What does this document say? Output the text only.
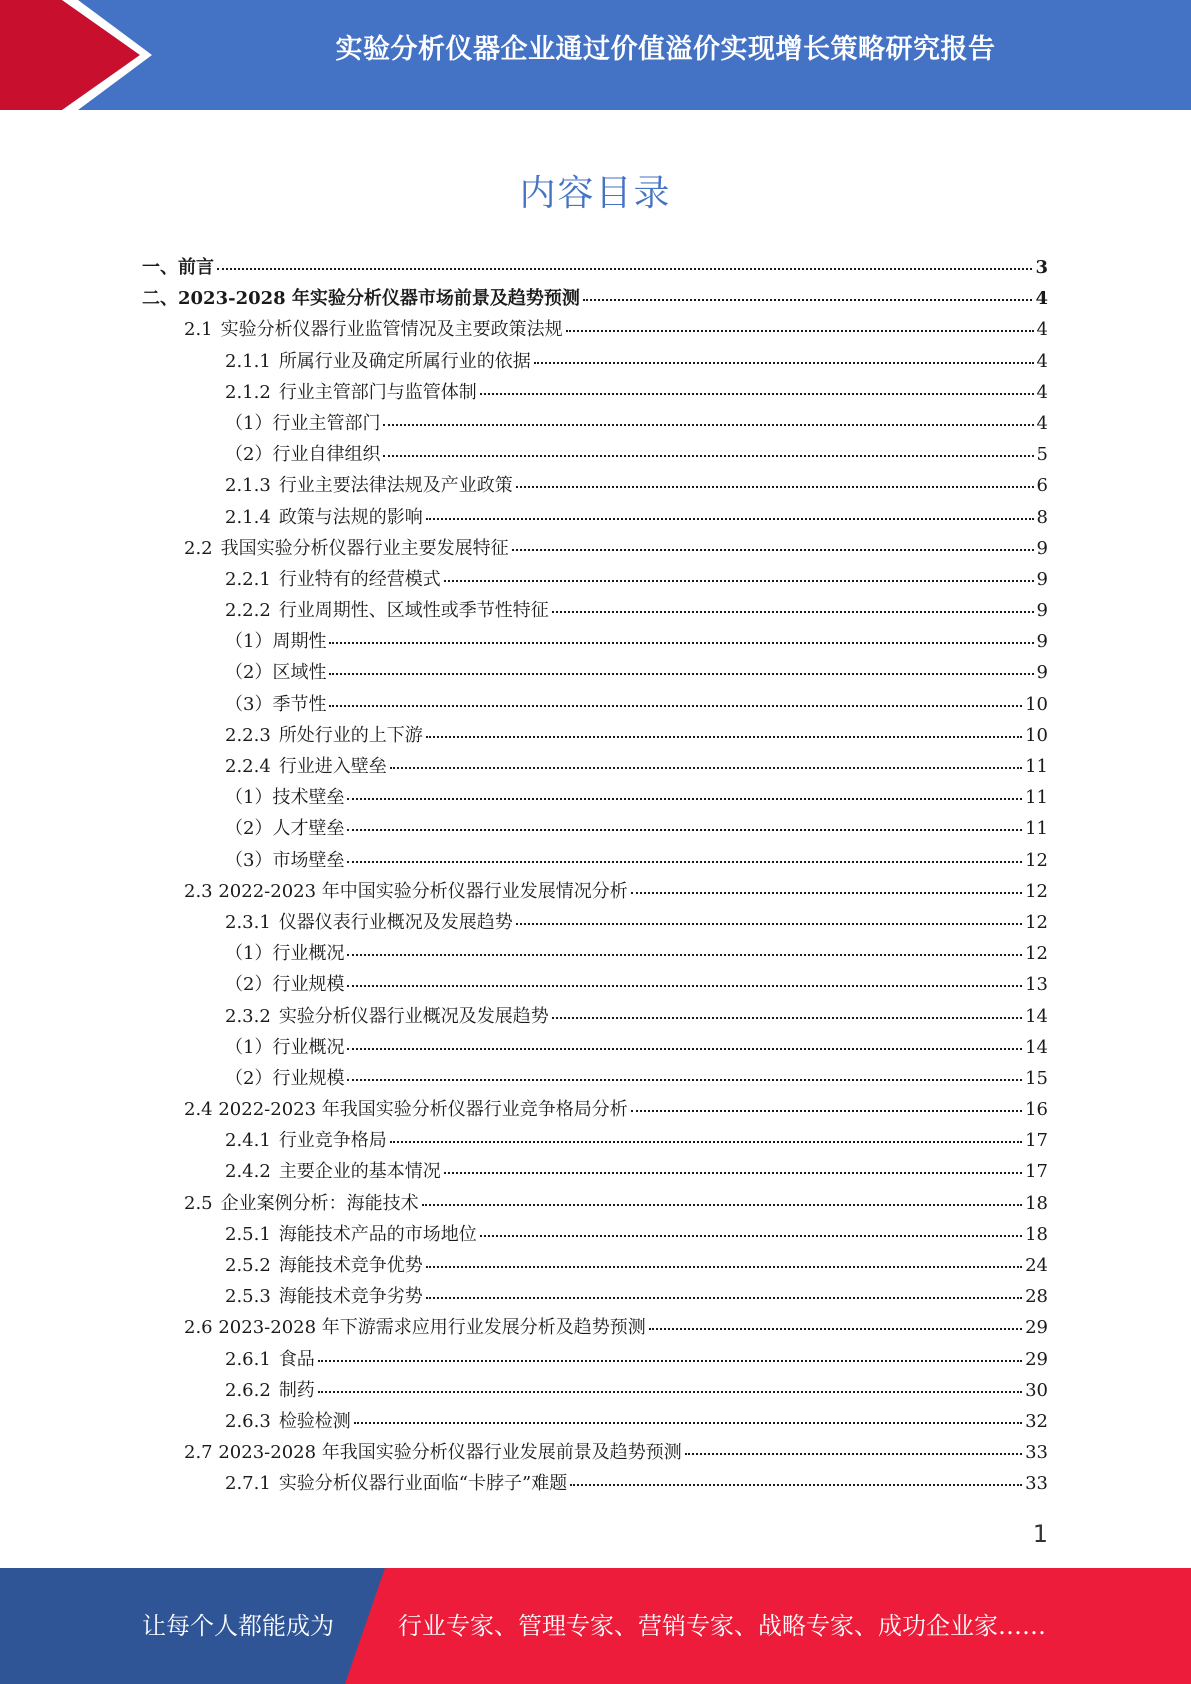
实验分析仪器企业通过价值溢价实现增长策略研究报告
内容目录
一、前言	3
二、2023-2028 年实验分析仪器市场前景及趋势预测	4
2.1 实验分析仪器行业监管情况及主要政策法规	4
2.1.1 所属行业及确定所属行业的依据	4
2.1.2 行业主管部门与监管体制	4
（1）行业主管部门	4
（2）行业自律组织	5
2.1.3 行业主要法律法规及产业政策	6
2.1.4 政策与法规的影响	8
2.2 我国实验分析仪器行业主要发展特征	9
2.2.1 行业特有的经营模式	9
2.2.2 行业周期性、区域性或季节性特征	9
（1）周期性	9
（2）区域性	9
（3）季节性	10
2.2.3 所处行业的上下游	10
2.2.4 行业进入壁垒	11
（1）技术壁垒	11
（2）人才壁垒	11
（3）市场壁垒	12
2.3 2022-2023 年中国实验分析仪器行业发展情况分析	12
2.3.1 仪器仪表行业概况及发展趋势	12
（1）行业概况	12
（2）行业规模	13
2.3.2 实验分析仪器行业概况及发展趋势	14
（1）行业概况	14
（2）行业规模	15
2.4 2022-2023 年我国实验分析仪器行业竞争格局分析	16
2.4.1 行业竞争格局	17
2.4.2 主要企业的基本情况	17
2.5 企业案例分析：海能技术	18
2.5.1 海能技术产品的市场地位	18
2.5.2 海能技术竞争优势	24
2.5.3 海能技术竞争劣势	28
2.6 2023-2028 年下游需求应用行业发展分析及趋势预测	29
2.6.1 食品	29
2.6.2 制药	30
2.6.3 检验检测	32
2.7 2023-2028 年我国实验分析仪器行业发展前景及趋势预测	33
2.7.1 实验分析仪器行业面临“卡脖子”难题	33
1
让每个人都能成为	行业专家、管理专家、营销专家、战略专家、成功企业家……
